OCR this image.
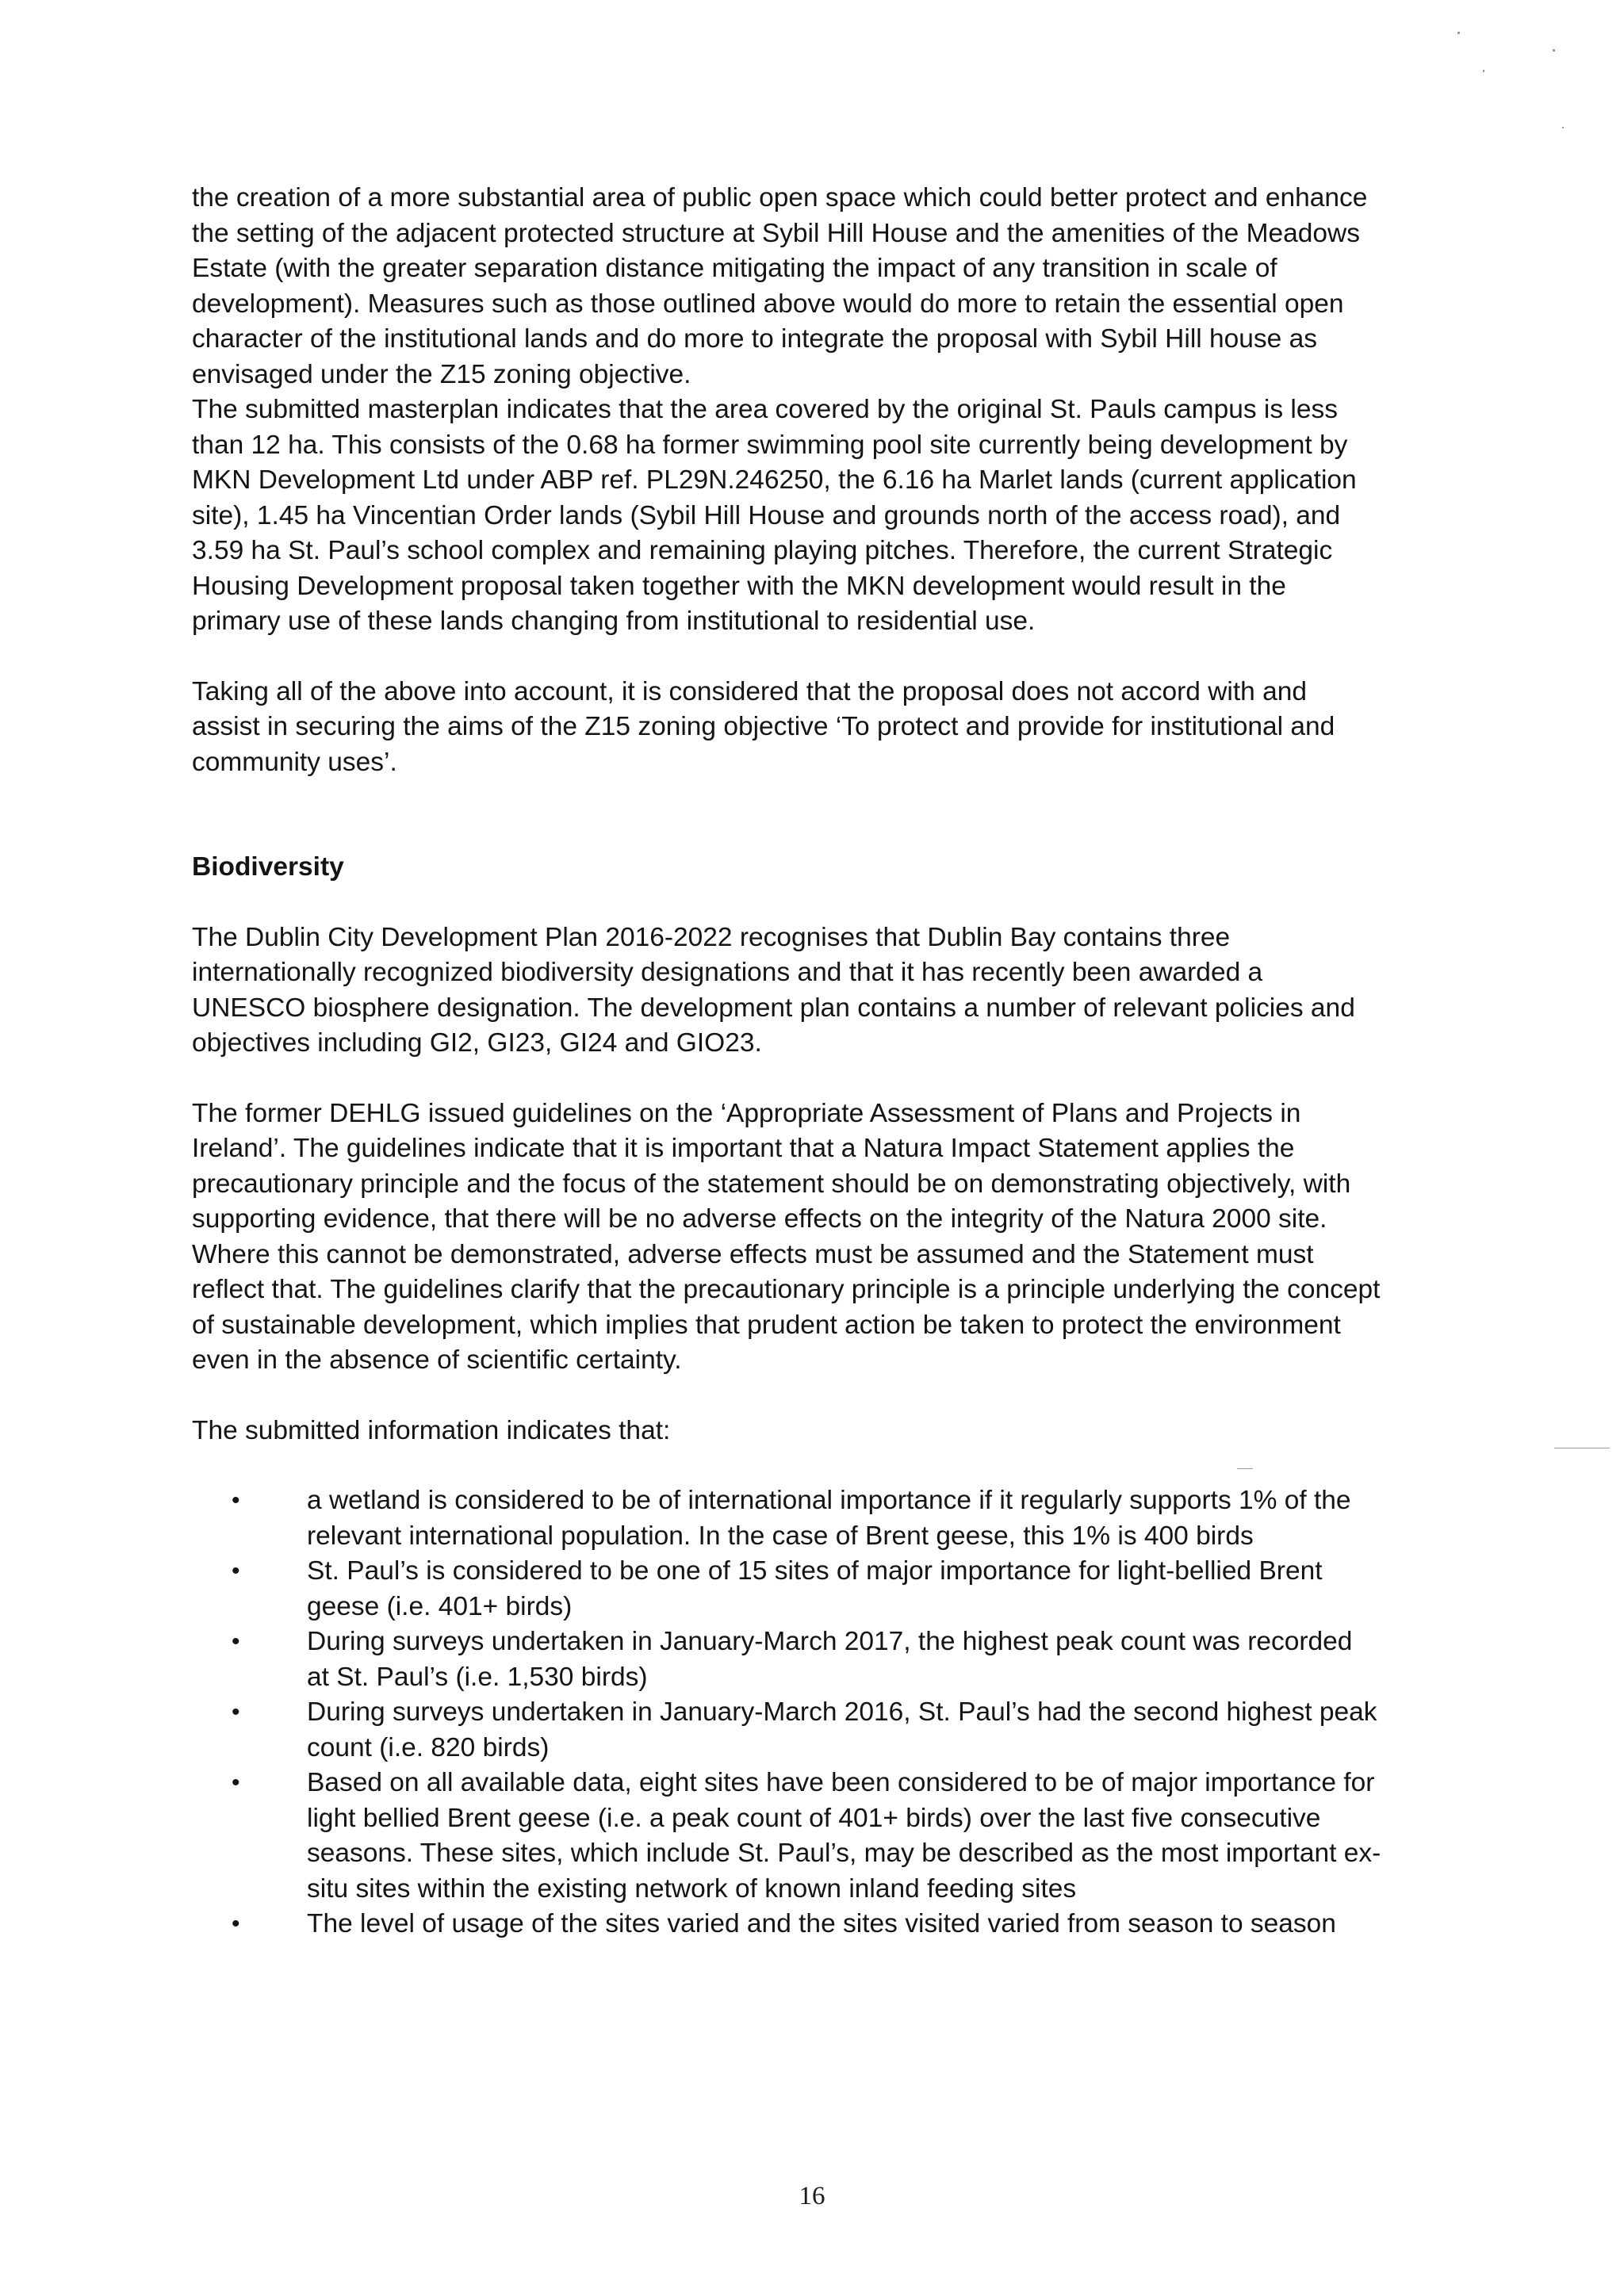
the creation of a more substantial area of public open space which could better protect and enhance the setting of the adjacent protected structure at Sybil Hill House and the amenities of the Meadows Estate (with the greater separation distance mitigating the impact of any transition in scale of development). Measures such as those outlined above would do more to retain the essential open character of the institutional lands and do more to integrate the proposal with Sybil Hill house as envisaged under the Z15 zoning objective.

The submitted masterplan indicates that the area covered by the original St. Pauls campus is less than 12 ha. This consists of the 0.68 ha former swimming pool site currently being development by MKN Development Ltd under ABP ref. PL29N.246250, the 6.16 ha Marlet lands (current application site), 1.45 ha Vincentian Order lands (Sybil Hill House and grounds north of the access road), and 3.59 ha St. Paul’s school complex and remaining playing pitches. Therefore, the current Strategic Housing Development proposal taken together with the MKN development would result in the primary use of these lands changing from institutional to residential use.

Taking all of the above into account, it is considered that the proposal does not accord with and assist in securing the aims of the Z15 zoning objective ‘To protect and provide for institutional and community uses’.

Biodiversity

The Dublin City Development Plan 2016-2022 recognises that Dublin Bay contains three internationally recognized biodiversity designations and that it has recently been awarded a UNESCO biosphere designation. The development plan contains a number of relevant policies and objectives including GI2, GI23, GI24 and GIO23.

The former DEHLG issued guidelines on the ‘Appropriate Assessment of Plans and Projects in Ireland’. The guidelines indicate that it is important that a Natura Impact Statement applies the precautionary principle and the focus of the statement should be on demonstrating objectively, with supporting evidence, that there will be no adverse effects on the integrity of the Natura 2000 site. Where this cannot be demonstrated, adverse effects must be assumed and the Statement must reflect that. The guidelines clarify that the precautionary principle is a principle underlying the concept of sustainable development, which implies that prudent action be taken to protect the environment even in the absence of scientific certainty.

The submitted information indicates that:

•	a wetland is considered to be of international importance if it regularly supports 1% of the relevant international population. In the case of Brent geese, this 1% is 400 birds
•	St. Paul’s is considered to be one of 15 sites of major importance for light-bellied Brent geese (i.e. 401+ birds)
•	During surveys undertaken in January-March 2017, the highest peak count was recorded at St. Paul’s (i.e. 1,530 birds)
•	During surveys undertaken in January-March 2016, St. Paul’s had the second highest peak count (i.e. 820 birds)
•	Based on all available data, eight sites have been considered to be of major importance for light bellied Brent geese (i.e. a peak count of 401+ birds) over the last five consecutive seasons. These sites, which include St. Paul’s, may be described as the most important ex-situ sites within the existing network of known inland feeding sites
•	The level of usage of the sites varied and the sites visited varied from season to season
16
